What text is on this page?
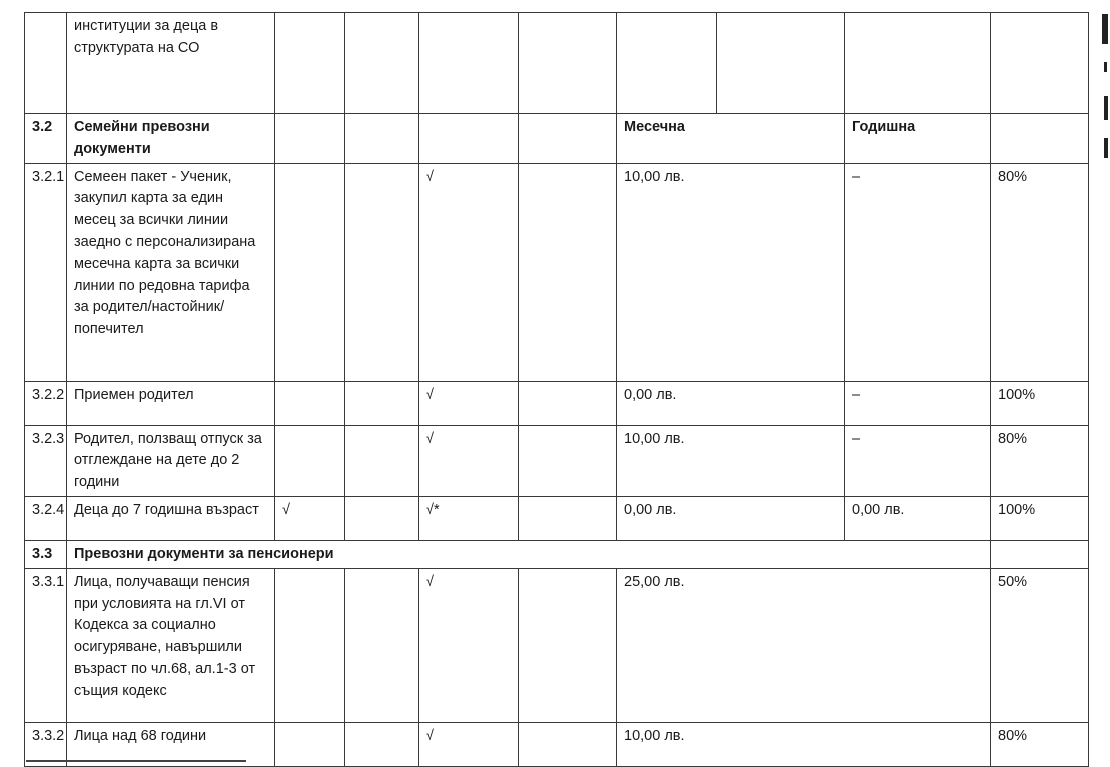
	институции за деца в структурата на СО								
3.2	Семейни превозни документи					Месечна		Годишна	
3.2.1	Семеен пакет - Ученик, закупил карта за един месец за всички линии заедно с персонализирана месечна карта за всички линии по редовна тарифа за родител/настойник/попечител			√		10,00 лв.		–	80%
3.2.2	Приемен родител			√		0,00 лв.		–	100%
3.2.3	Родител, ползващ отпуск за отглеждане на дете до 2 години			√		10,00 лв.		–	80%
3.2.4	Деца до 7 годишна възраст	√		√*		0,00 лв.		0,00 лв.	100%
3.3	Превозни документи за пенсионери								
3.3.1	Лица, получаващи пенсия при условията на гл.VI от Кодекса за социално осигуряване, навършили възраст по чл.68, ал.1-3 от същия кодекс			√		25,00 лв.			50%
3.3.2	Лица над 68 години			√		10,00 лв.			80%
